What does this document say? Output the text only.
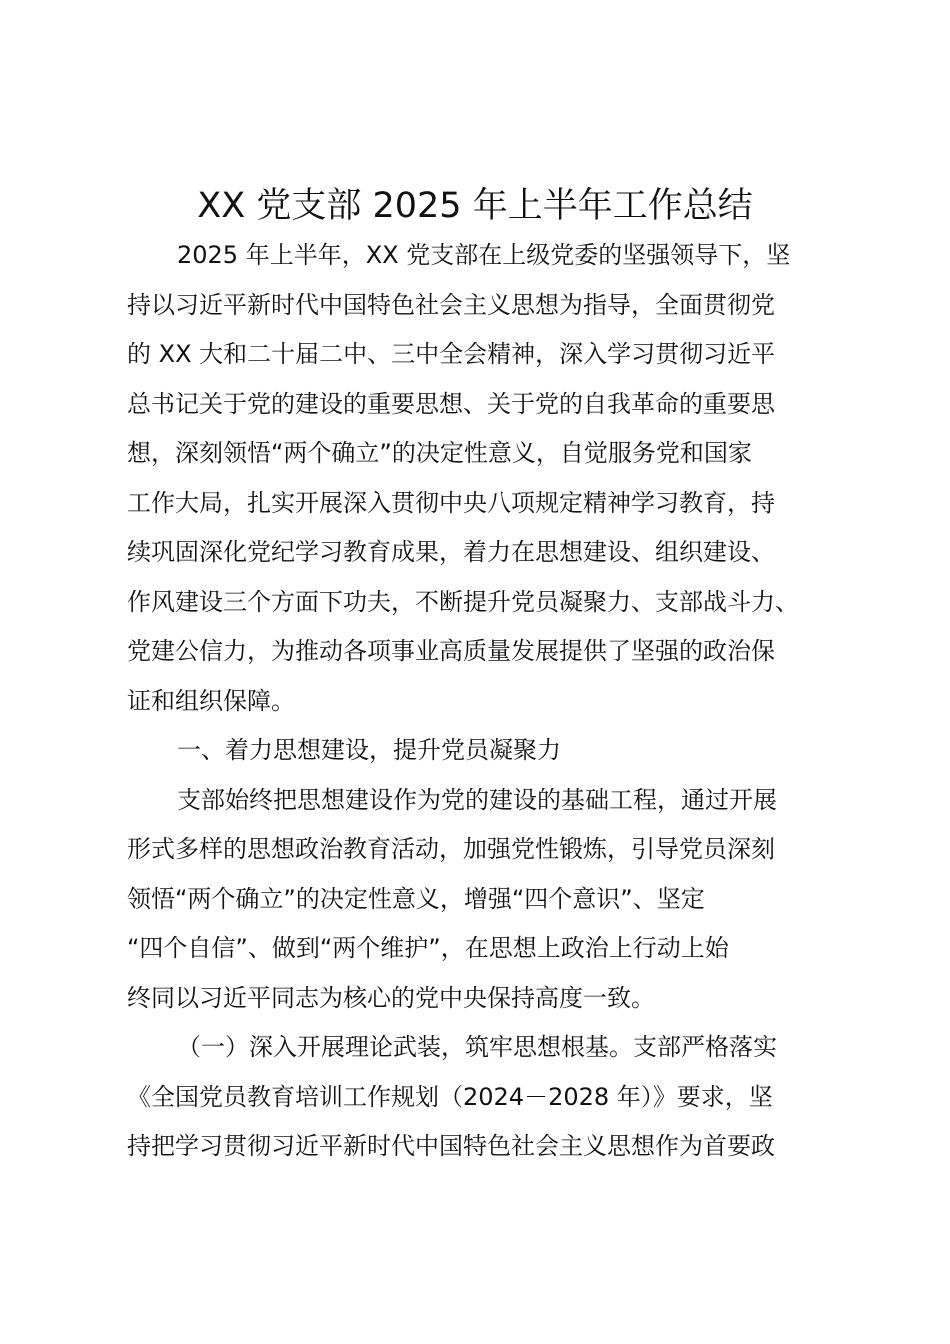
XX 党支部 2025 年上半年工作总结
2025 年上半年，XX 党支部在上级党委的坚强领导下，坚
持以习近平新时代中国特色社会主义思想为指导，全面贯彻党
的 XX 大和二十届二中、三中全会精神，深入学习贯彻习近平
总书记关于党的建设的重要思想、关于党的自我革命的重要思
想，深刻领悟“两个确立”的决定性意义，自觉服务党和国家
工作大局，扎实开展深入贯彻中央八项规定精神学习教育，持
续巩固深化党纪学习教育成果，着力在思想建设、组织建设、
作风建设三个方面下功夫，不断提升党员凝聚力、支部战斗力、
党建公信力，为推动各项事业高质量发展提供了坚强的政治保
证和组织保障。
一、着力思想建设，提升党员凝聚力
支部始终把思想建设作为党的建设的基础工程，通过开展
形式多样的思想政治教育活动，加强党性锻炼，引导党员深刻
领悟“两个确立”的决定性意义，增强“四个意识”、坚定
“四个自信”、做到“两个维护”，在思想上政治上行动上始
终同以习近平同志为核心的党中央保持高度一致。
（一）深入开展理论武装，筑牢思想根基。支部严格落实
《全国党员教育培训工作规划（2024－2028 年）》要求，坚
持把学习贯彻习近平新时代中国特色社会主义思想作为首要政
